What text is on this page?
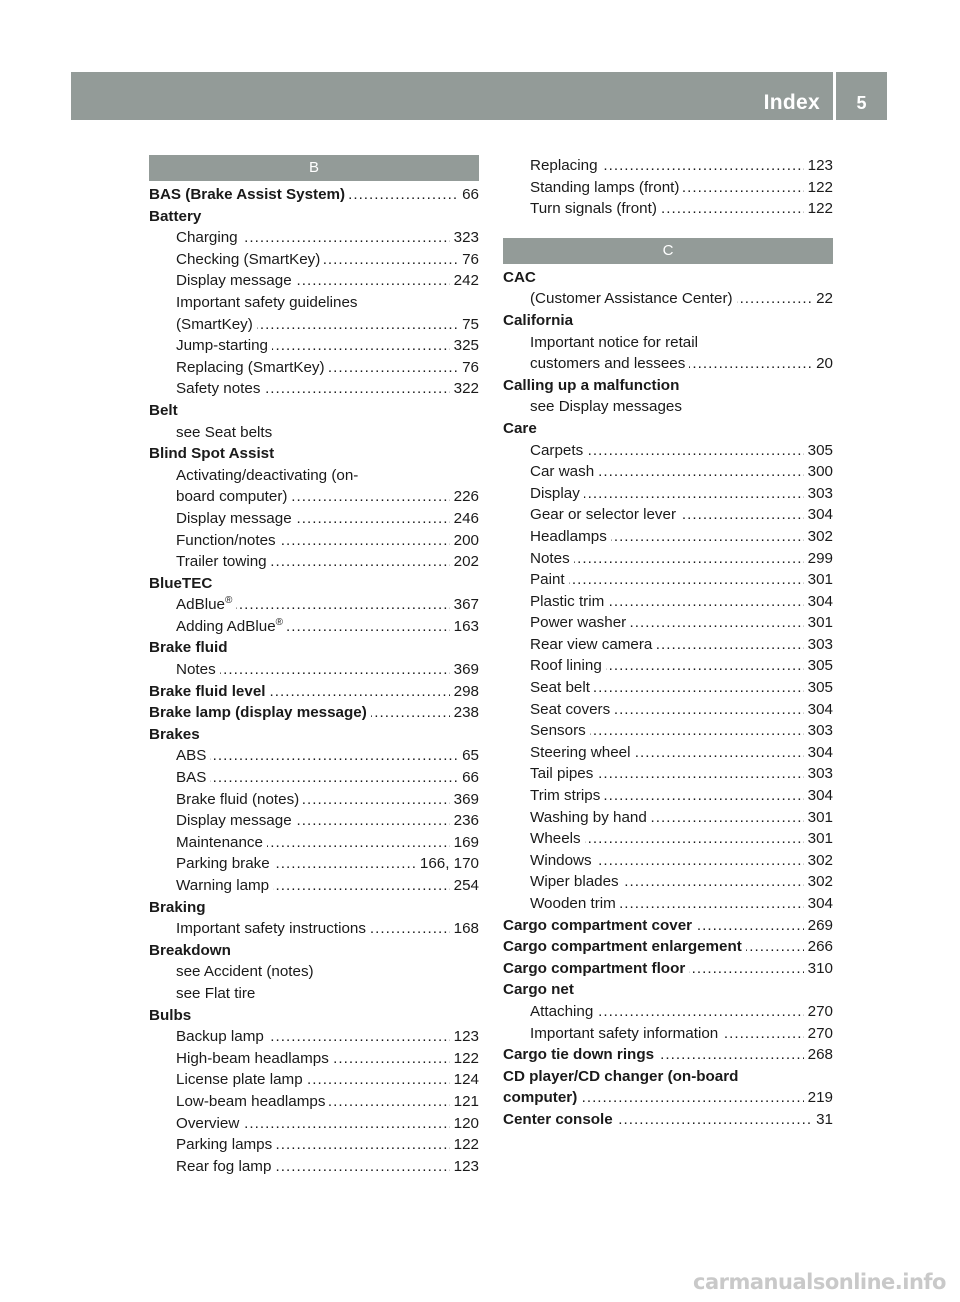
Index	5
B
BAS (Brake Assist System)	66
. . .
Battery
Charging	323
. . .
Checking (SmartKey)	76
. . .
Display message	242
. . .
Important safety guidelines
(SmartKey)	75
. . .
Jump-starting	325
. . .
Replacing (SmartKey)	76
. . .
Safety notes	322
. . .
Belt
see Seat belts
Blind Spot Assist
Activating/deactivating (on-
board computer)	226
. . .
Display message	246
. . .
Function/notes	200
. . .
Trailer towing	202
. . .
BlueTEC
AdBlue®	367
. . .
Adding AdBlue®	163
. . .
Brake fluid
Notes	369
. . .
Brake fluid level	298
. . .
Brake lamp (display message)	238
. . .
Brakes
ABS	65
. . .
BAS	66
. . .
Brake fluid (notes)	369
. . .
Display message	236
. . .
Maintenance	169
. . .
Parking brake	166, 170
. . .
Warning lamp	254
. . .
Braking
Important safety instructions	168
. . .
Breakdown
see Accident (notes)
see Flat tire
Bulbs
Backup lamp	123
. . .
High-beam headlamps	122
. . .
License plate lamp	124
. . .
Low-beam headlamps	121
. . .
Overview	120
. . .
Parking lamps	122
. . .
Rear fog lamp	123
. . .
Replacing	123
. . .
Standing lamps (front)	122
. . .
Turn signals (front)	122
. . .
C
CAC
(Customer Assistance Center)	22
. . .
California
Important notice for retail
customers and lessees	20
. . .
Calling up a malfunction
see Display messages
Care
Carpets	305
. . .
Car wash	300
. . .
Display	303
. . .
Gear or selector lever	304
. . .
Headlamps	302
. . .
Notes	299
. . .
Paint	301
. . .
Plastic trim	304
. . .
Power washer	301
. . .
Rear view camera	303
. . .
Roof lining	305
. . .
Seat belt	305
. . .
Seat covers	304
. . .
Sensors	303
. . .
Steering wheel	304
. . .
Tail pipes	303
. . .
Trim strips	304
. . .
Washing by hand	301
. . .
Wheels	301
. . .
Windows	302
. . .
Wiper blades	302
. . .
Wooden trim	304
. . .
Cargo compartment cover	269
. . .
Cargo compartment enlargement	266
. . .
Cargo compartment floor	310
. . .
Cargo net
Attaching	270
. . .
Important safety information	270
. . .
Cargo tie down rings	268
. . .
CD player/CD changer (on-board
computer)	219
. . .
Center console	31
. . .
carmanualsonline.info
